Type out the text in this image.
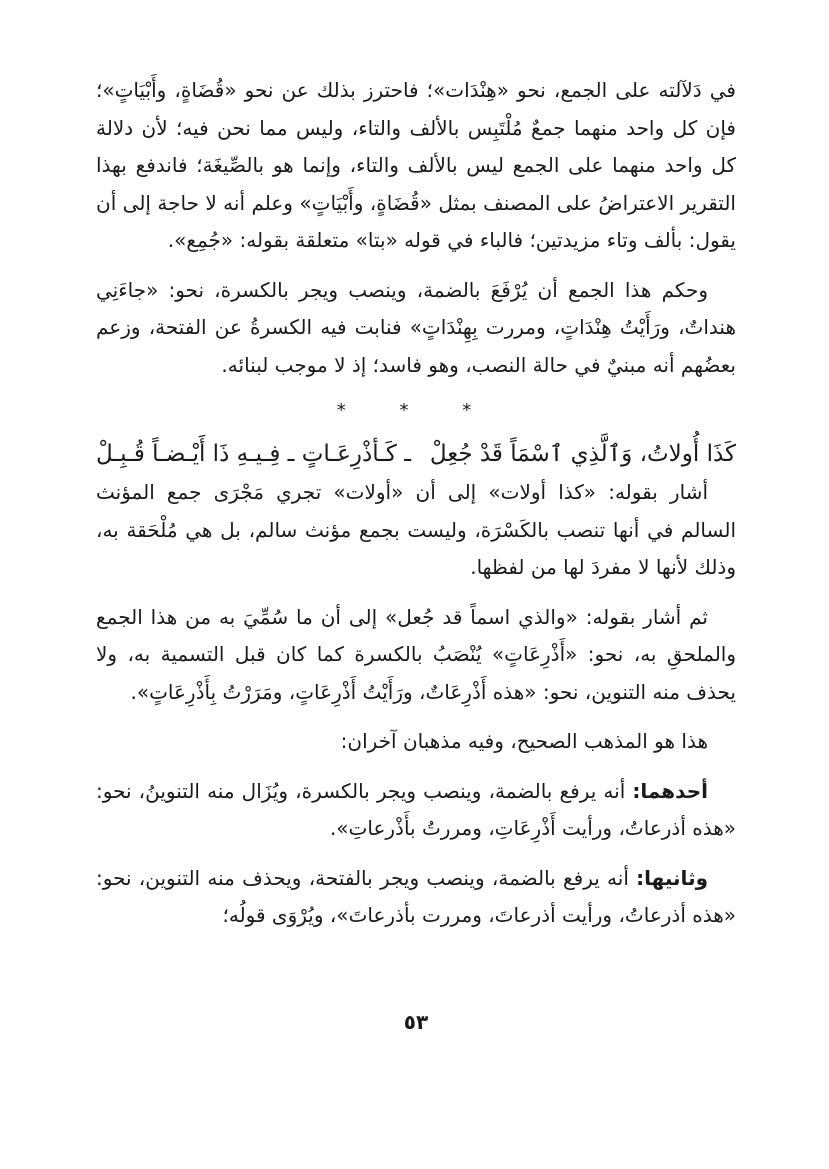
في دَلآلته على الجمع، نحو «هِنْدَات»؛ فاحترز بذلك عن نحو «قُضَاةٍ، وأَبْيَاتٍ»؛ فإن كل واحد منهما جمعٌ مُلْتَبِس بالألف والتاء، وليس مما نحن فيه؛ لأن دلالة كل واحد منهما على الجمع ليس بالألف والتاء، وإنما هو بالصِّيغَة؛ فاندفع بهذا التقرير الاعتراضُ على المصنف بمثل «قُضَاةٍ، وأَبْيَاتٍ» وعلم أنه لا حاجة إلى أن يقول: بألف وتاء مزيدتين؛ فالباء في قوله «بتا» متعلقة بقوله: «جُمِع».

وحكم هذا الجمع أن يُرْفَعَ بالضمة، وينصب ويجر بالكسرة، نحو: «جاءَنِي هنداتٌ، ورَأَيْتُ هِنْدَاتٍ، ومررت بِهِنْدَاتٍ» فنابت فيه الكسرةُ عن الفتحة، وزعم بعضُهم أنه مبنيٌ في حالة النصب، وهو فاسد؛ إذ لا موجب لبنائه.

* * *
كَذَا أُولاتُ، وَٱلَّذِي ٱسْمَاً قَدْ جُعِلْ
ـ كَـأذْرِعَـاتٍ ـ فِـيـهِ ذَا أَيْـضـاً قُـبِـلْ

أشار بقوله: «كذا أولات» إلى أن «أولات» تجري مَجْرَى جمع المؤنث السالم في أنها تنصب بالكَسْرَة، وليست بجمع مؤنث سالم، بل هي مُلْحَقة به، وذلك لأنها لا مفردَ لها من لفظها.

ثم أشار بقوله: «والذي اسماً قد جُعل» إلى أن ما سُمِّيَ به من هذا الجمع والملحقِ به، نحو: «أَذْرِعَاتٍ» يُنْصَبُ بالكسرة كما كان قبل التسمية به، ولا يحذف منه التنوين، نحو: «هذه أَذْرِعَاتٌ، ورَأَيْتُ أَذْرِعَاتٍ، ومَرَرْتُ بِأَذْرِعَاتٍ».

هذا هو المذهب الصحيح، وفيه مذهبان آخران:

أحدهما: أنه يرفع بالضمة، وينصب ويجر بالكسرة، ويُزَال منه التنوينُ، نحو: «هذه أذرعاتُ، ورأيت أَذْرِعَاتِ، ومررتُ بأَذْرعاتِ».

وثانيها: أنه يرفع بالضمة، وينصب ويجر بالفتحة، ويحذف منه التنوين، نحو: «هذه أذرعاتُ، ورأيت أذرعاتَ، ومررت بأذرعاتَ»، ويُرْوَى قولُه؛

٥٣
